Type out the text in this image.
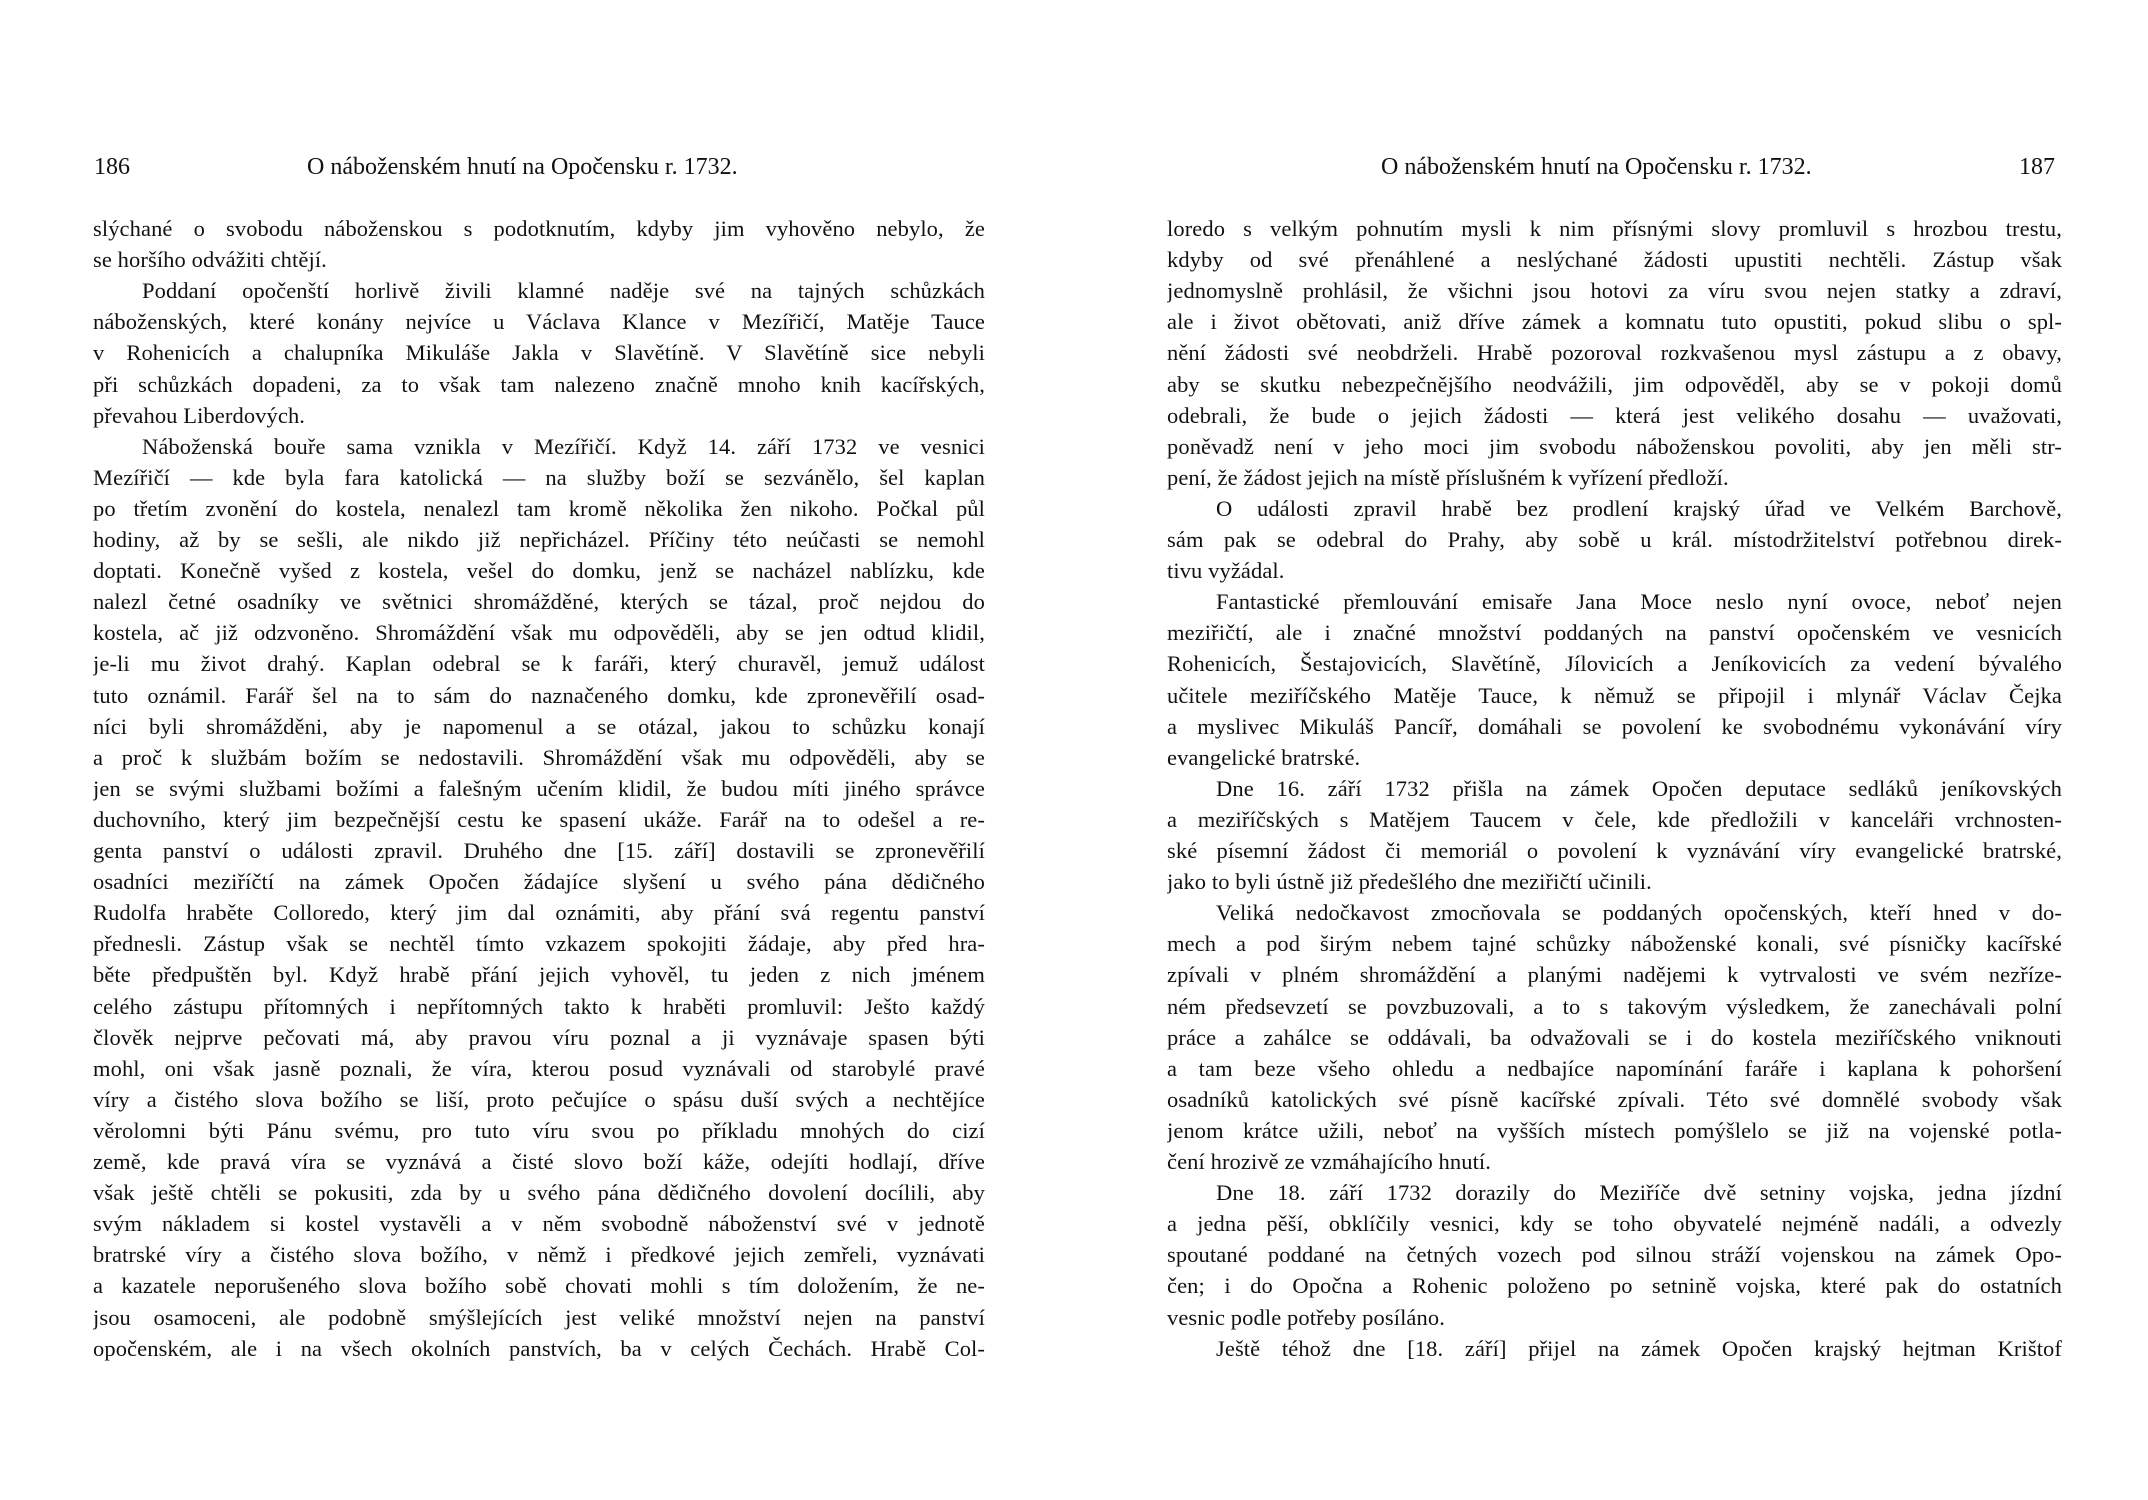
186	O náboženském hnutí na Opočensku r. 1732.
slýchané o svobodu náboženskou s podotknutím, kdyby jim vyhověno nebylo, že
se horšího odvážiti chtějí.
Poddaní opočenští horlivě živili klamné naděje své na tajných schůzkách
náboženských, které konány nejvíce u Václava Klance v Mezířičí, Matěje Tauce
v Rohenicích a chalupníka Mikuláše Jakla v Slavětíně. V Slavětíně sice nebyli
při schůzkách dopadeni, za to však tam nalezeno značně mnoho knih kacířských,
převahou Liberdových.
Náboženská bouře sama vznikla v Mezířičí. Když 14. září 1732 ve vesnici
Mezířičí — kde byla fara katolická — na služby boží se sezvánělo, šel kaplan
po třetím zvonění do kostela, nenalezl tam kromě několika žen nikoho. Počkal půl
hodiny, až by se sešli, ale nikdo již nepřicházel. Příčiny této neúčasti se nemohl
doptati. Konečně vyšed z kostela, vešel do domku, jenž se nacházel nablízku, kde
nalezl četné osadníky ve světnici shromážděné, kterých se tázal, proč nejdou do
kostela, ač již odzvoněno. Shromáždění však mu odpověděli, aby se jen odtud klidil,
je-li mu život drahý. Kaplan odebral se k faráři, který churavěl, jemuž událost
tuto oznámil. Farář šel na to sám do naznačeného domku, kde zpronevěřilí osad-
níci byli shromážděni, aby je napomenul a se otázal, jakou to schůzku konají
a proč k službám božím se nedostavili. Shromáždění však mu odpověděli, aby se
jen se svými službami božími a falešným učením klidil, že budou míti jiného správce
duchovního, který jim bezpečnější cestu ke spasení ukáže. Farář na to odešel a re-
genta panství o události zpravil. Druhého dne [15. září] dostavili se zpronevěřilí
osadníci meziříčtí na zámek Opočen žádajíce slyšení u svého pána dědičného
Rudolfa hraběte Colloredo, který jim dal oznámiti, aby přání svá regentu panství
přednesli. Zástup však se nechtěl tímto vzkazem spokojiti žádaje, aby před hra-
běte předpuštěn byl. Když hrabě přání jejich vyhověl, tu jeden z nich jménem
celého zástupu přítomných i nepřítomných takto k hraběti promluvil: Ješto každý
člověk nejprve pečovati má, aby pravou víru poznal a ji vyznávaje spasen býti
mohl, oni však jasně poznali, že víra, kterou posud vyznávali od starobylé pravé
víry a čistého slova božího se liší, proto pečujíce o spásu duší svých a nechtějíce
věrolomni býti Pánu svému, pro tuto víru svou po příkladu mnohých do cizí
země, kde pravá víra se vyznává a čisté slovo boží káže, odejíti hodlají, dříve
však ještě chtěli se pokusiti, zda by u svého pána dědičného dovolení docílili, aby
svým nákladem si kostel vystavěli a v něm svobodně náboženství své v jednotě
bratrské víry a čistého slova božího, v němž i předkové jejich zemřeli, vyznávati
a kazatele neporušeného slova božího sobě chovati mohli s tím doložením, že ne-
jsou osamoceni, ale podobně smýšlejících jest veliké množství nejen na panství
opočenském, ale i na všech okolních panstvích, ba v celých Čechách. Hrabě Col-
O náboženském hnutí na Opočensku r. 1732.	187
loredo s velkým pohnutím mysli k nim přísnými slovy promluvil s hrozbou trestu,
kdyby od své přenáhlené a neslýchané žádosti upustiti nechtěli. Zástup však
jednomyslně prohlásil, že všichni jsou hotovi za víru svou nejen statky a zdraví,
ale i život obětovati, aniž dříve zámek a komnatu tuto opustiti, pokud slibu o spl-
nění žádosti své neobdrželi. Hrabě pozoroval rozkvašenou mysl zástupu a z obavy,
aby se skutku nebezpečnějšího neodvážili, jim odpověděl, aby se v pokoji domů
odebrali, že bude o jejich žádosti — která jest velikého dosahu — uvažovati,
poněvadž není v jeho moci jim svobodu náboženskou povoliti, aby jen měli str-
pení, že žádost jejich na místě příslušném k vyřízení předloží.
O události zpravil hrabě bez prodlení krajský úřad ve Velkém Barchově,
sám pak se odebral do Prahy, aby sobě u král. místodržitelství potřebnou direk-
tivu vyžádal.
Fantastické přemlouvání emisaře Jana Moce neslo nyní ovoce, neboť nejen
meziřičtí, ale i značné množství poddaných na panství opočenském ve vesnicích
Rohenicích, Šestajovicích, Slavětíně, Jílovicích a Jeníkovicích za vedení bývalého
učitele meziříčského Matěje Tauce, k němuž se připojil i mlynář Václav Čejka
a myslivec Mikuláš Pancíř, domáhali se povolení ke svobodnému vykonávání víry
evangelické bratrské.
Dne 16. září 1732 přišla na zámek Opočen deputace sedláků jeníkovských
a meziříčských s Matějem Taucem v čele, kde předložili v kanceláři vrchnosten-
ské písemní žádost či memoriál o povolení k vyznávání víry evangelické bratrské,
jako to byli ústně již předešlého dne meziřičtí učinili.
Veliká nedočkavost zmocňovala se poddaných opočenských, kteří hned v do-
mech a pod širým nebem tajné schůzky náboženské konali, své písničky kacířské
zpívali v plném shromáždění a planými nadějemi k vytrvalosti ve svém nezříze-
ném předsevzetí se povzbuzovali, a to s takovým výsledkem, že zanechávali polní
práce a zahálce se oddávali, ba odvažovali se i do kostela meziříčského vniknouti
a tam beze všeho ohledu a nedbajíce napomínání faráře i kaplana k pohoršení
osadníků katolických své písně kacířské zpívali. Této své domnělé svobody však
jenom krátce užili, neboť na vyšších místech pomýšlelo se již na vojenské potla-
čení hrozivě ze vzmáhajícího hnutí.
Dne 18. září 1732 dorazily do Meziříče dvě setniny vojska, jedna jízdní
a jedna pěší, obklíčily vesnici, kdy se toho obyvatelé nejméně nadáli, a odvezly
spoutané poddané na četných vozech pod silnou stráží vojenskou na zámek Opo-
čen; i do Opočna a Rohenic položeno po setnině vojska, které pak do ostatních
vesnic podle potřeby posíláno.
Ještě téhož dne [18. září] přijel na zámek Opočen krajský hejtman Krištof
